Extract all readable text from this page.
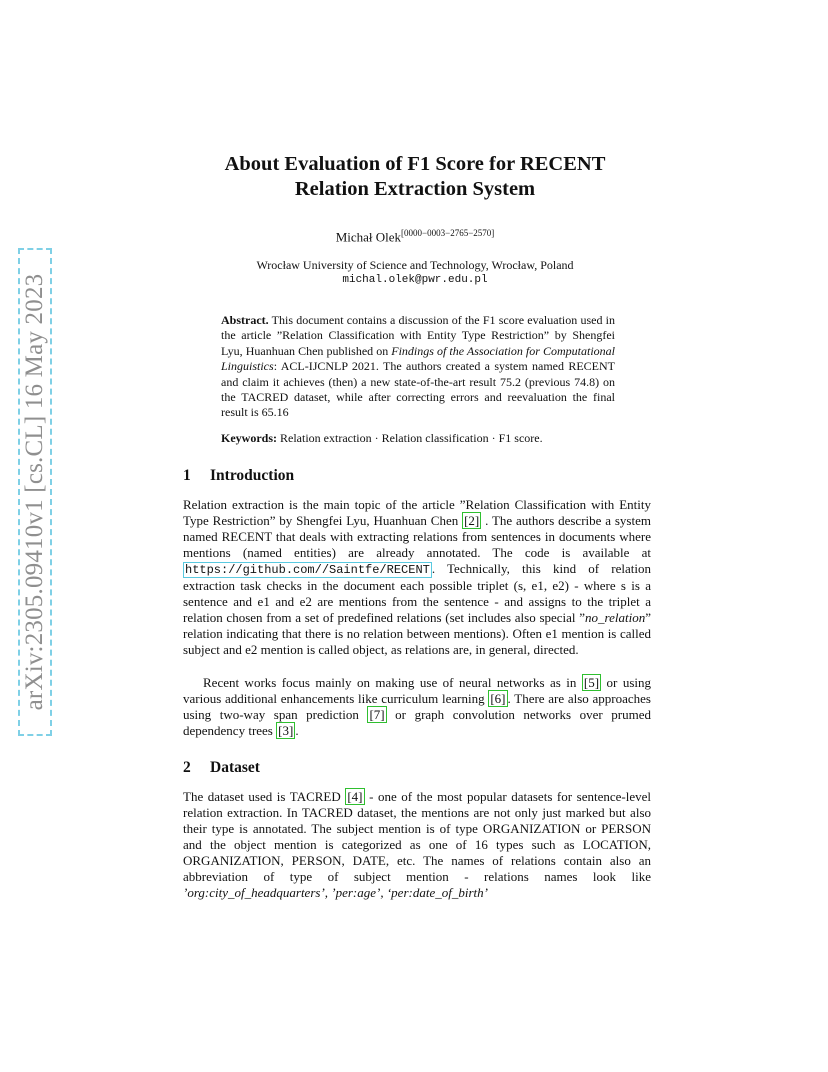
arXiv:2305.09410v1 [cs.CL] 16 May 2023
About Evaluation of F1 Score for RECENT
Relation Extraction System
Michał Olek[0000−0003−2765−2570]
Wrocław University of Science and Technology, Wrocław, Poland
michal.olek@pwr.edu.pl
Abstract. This document contains a discussion of the F1 score evaluation used in the article ”Relation Classification with Entity Type Restriction” by Shengfei Lyu, Huanhuan Chen published on Findings of the Association for Computational Linguistics: ACL-IJCNLP 2021. The authors created a system named RECENT and claim it achieves (then) a new state-of-the-art result 75.2 (previous 74.8) on the TACRED dataset, while after correcting errors and reevaluation the final result is 65.16
Keywords: Relation extraction · Relation classification · F1 score.
1 Introduction
Relation extraction is the main topic of the article ”Relation Classification with Entity Type Restriction” by Shengfei Lyu, Huanhuan Chen [2] . The authors describe a system named RECENT that deals with extracting relations from sentences in documents where mentions (named entities) are already annotated. The code is available at https://github.com//Saintfe/RECENT . Technically, this kind of relation extraction task checks in the document each possible triplet (s, e1, e2) - where s is a sentence and e1 and e2 are mentions from the sentence - and assigns to the triplet a relation chosen from a set of predefined relations (set includes also special ”no_relation” relation indicating that there is no relation between mentions). Often e1 mention is called subject and e2 mention is called object, as relations are, in general, directed.
Recent works focus mainly on making use of neural networks as in [5] or using various additional enhancements like curriculum learning [6] . There are also approaches using two-way span prediction [7] or graph convolution networks over prumed dependency trees [3] .
2 Dataset
The dataset used is TACRED [4] - one of the most popular datasets for sentence-level relation extraction. In TACRED dataset, the mentions are not only just marked but also their type is annotated. The subject mention is of type ORGANIZATION or PERSON and the object mention is categorized as one of 16 types such as LOCATION, ORGANIZATION, PERSON, DATE, etc. The names of relations contain also an abbreviation of type of subject mention - relations names look like ’org:city_of_headquarters’, ’per:age’, ‘per:date_of_birth’
